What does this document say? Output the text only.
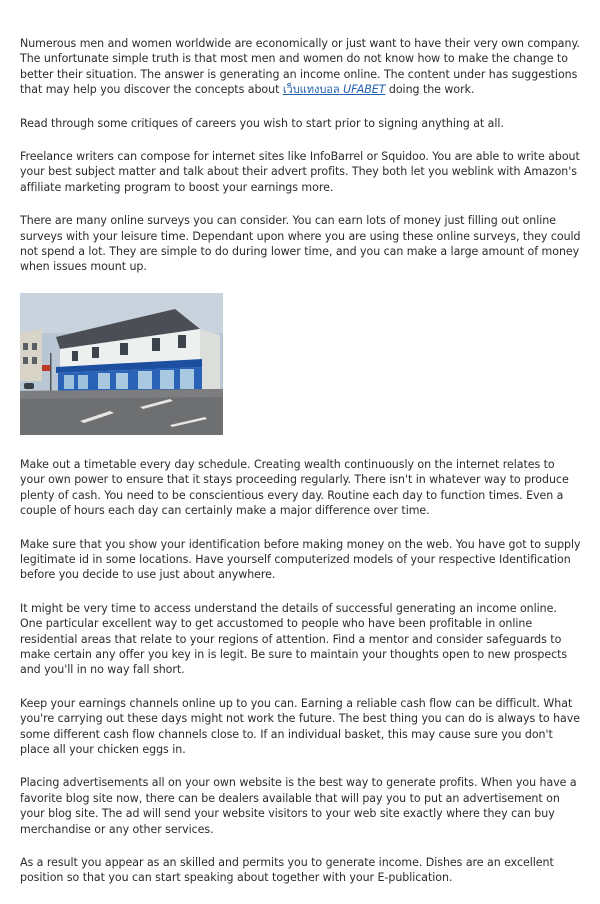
Numerous men and women worldwide are economically or just want to have their very own company. The unfortunate simple truth is that most men and women do not know how to make the change to better their situation. The answer is generating an income online. The content under has suggestions that may help you discover the concepts about เว็บแทงบอล UFABET doing the work.

Read through some critiques of careers you wish to start prior to signing anything at all.

Freelance writers can compose for internet sites like InfoBarrel or Squidoo. You are able to write about your best subject matter and talk about their advert profits. They both let you weblink with Amazon's affiliate marketing program to boost your earnings more.

There are many online surveys you can consider. You can earn lots of money just filling out online surveys with your leisure time. Dependant upon where you are using these online surveys, they could not spend a lot. They are simple to do during lower time, and you can make a large amount of money when issues mount up.

Make out a timetable every day schedule. Creating wealth continuously on the internet relates to your own power to ensure that it stays proceeding regularly. There isn't in whatever way to produce plenty of cash. You need to be conscientious every day. Routine each day to function times. Even a couple of hours each day can certainly make a major difference over time.

Make sure that you show your identification before making money on the web. You have got to supply legitimate id in some locations. Have yourself computerized models of your respective Identification before you decide to use just about anywhere.

It might be very time to access understand the details of successful generating an income online. One particular excellent way to get accustomed to people who have been profitable in online residential areas that relate to your regions of attention. Find a mentor and consider safeguards to make certain any offer you key in is legit. Be sure to maintain your thoughts open to new prospects and you'll in no way fall short.

Keep your earnings channels online up to you can. Earning a reliable cash flow can be difficult. What you're carrying out these days might not work the future. The best thing you can do is always to have some different cash flow channels close to. If an individual basket, this may cause sure you don't place all your chicken eggs in.

Placing advertisements all on your own website is the best way to generate profits. When you have a favorite blog site now, there can be dealers available that will pay you to put an advertisement on your blog site. The ad will send your website visitors to your web site exactly where they can buy merchandise or any other services.

As a result you appear as an skilled and permits you to generate income. Dishes are an excellent position so that you can start speaking about together with your E-publication.
